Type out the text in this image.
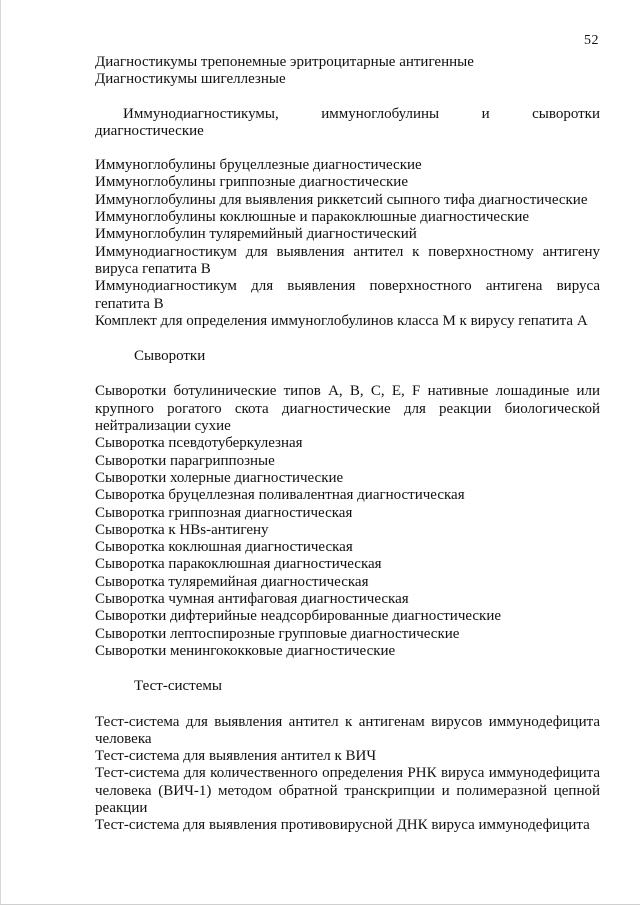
52
Диагностикумы трепонемные эритроцитарные антигенные
Диагностикумы шигеллезные
Иммунодиагностикумы,	иммуноглобулины	и	сыворотки
диагностические
Иммуноглобулины бруцеллезные диагностические
Иммуноглобулины гриппозные диагностические
Иммуноглобулины для выявления риккетсий сыпного тифа диагностические
Иммуноглобулины коклюшные и паракоклюшные диагностические
Иммуноглобулин туляремийный диагностический
Иммунодиагностикум для выявления антител к поверхностному антигену вируса гепатита В
Иммунодиагностикум для выявления поверхностного антигена вируса гепатита В
Комплект для определения иммуноглобулинов класса М к вирусу гепатита А
Сыворотки
Сыворотки ботулинические типов А, В, С, Е, F нативные лошадиные или крупного рогатого скота диагностические для реакции биологической нейтрализации сухие
Сыворотка псевдотуберкулезная
Сыворотки парагриппозные
Сыворотки холерные диагностические
Сыворотка бруцеллезная поливалентная диагностическая
Сыворотка гриппозная диагностическая
Сыворотка к HBs-антигену
Сыворотка коклюшная диагностическая
Сыворотка паракоклюшная диагностическая
Сыворотка туляремийная диагностическая
Сыворотка чумная антифаговая диагностическая
Сыворотки дифтерийные неадсорбированные диагностические
Сыворотки лептоспирозные групповые диагностические
Сыворотки менингококковые диагностические
Тест-системы
Тест-система для выявления антител к антигенам вирусов иммунодефицита человека
Тест-система для выявления антител к ВИЧ
Тест-система для количественного определения РНК вируса иммунодефицита человека (ВИЧ-1) методом обратной транскрипции и полимеразной цепной реакции
Тест-система для выявления противовирусной ДНК вируса иммунодефицита
